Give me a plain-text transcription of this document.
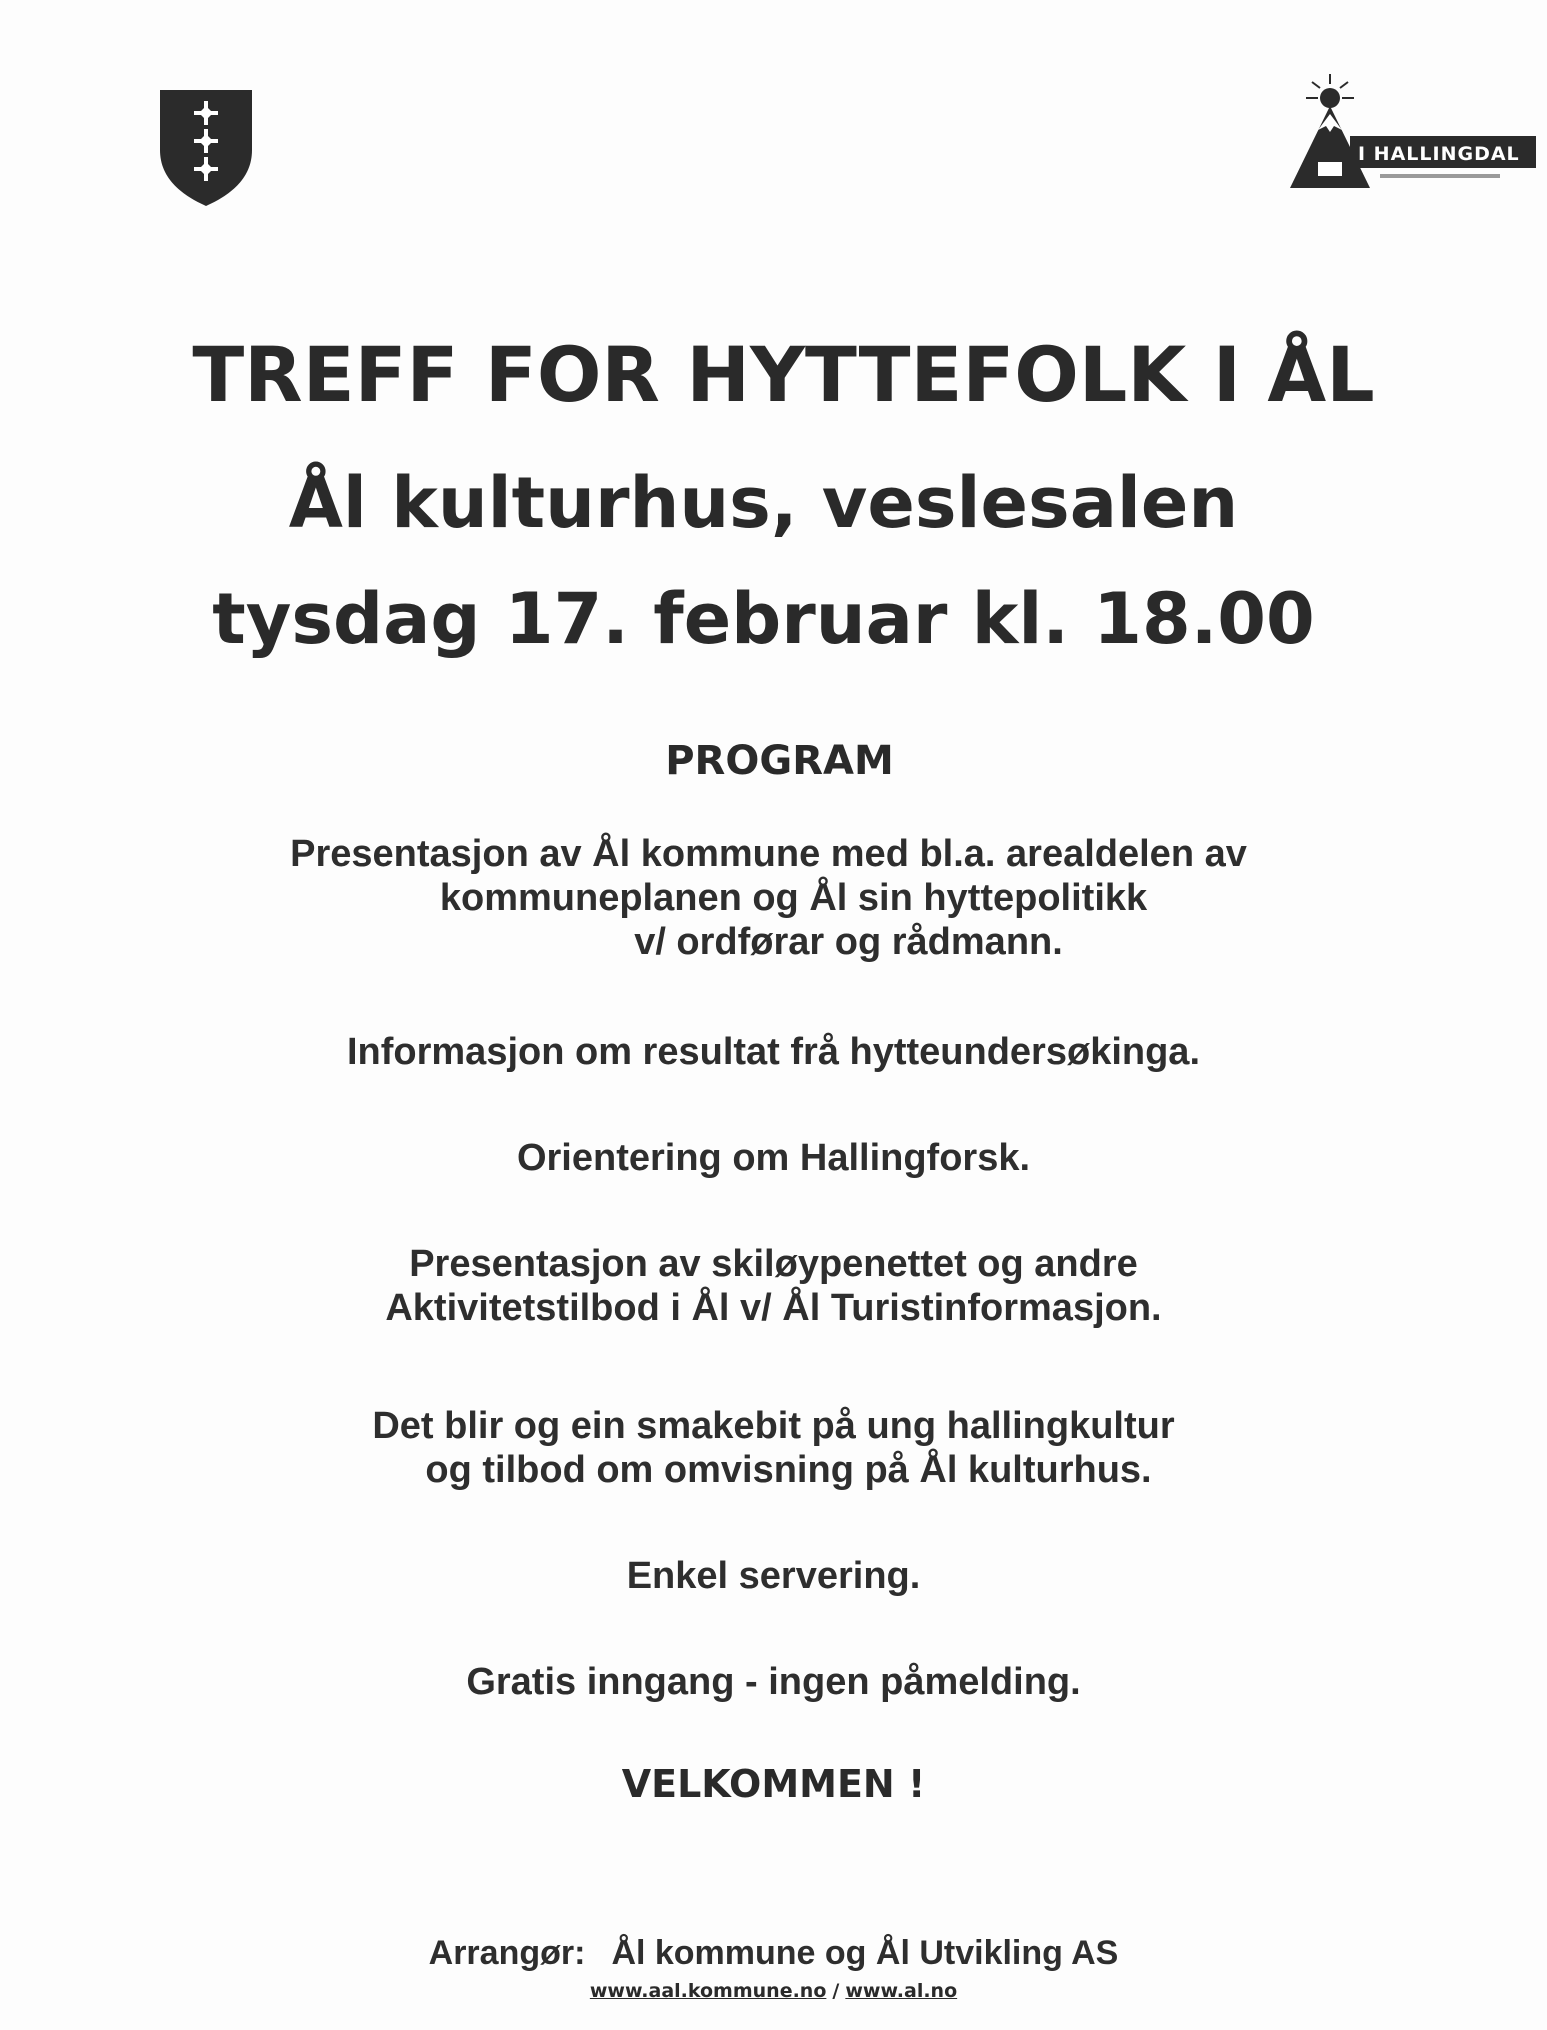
I HALLINGDAL
TREFF FOR HYTTEFOLK I ÅL
Ål kulturhus, veslesalen
tysdag 17. februar kl. 18.00
PROGRAM
Presentasjon av Ål kommune med bl.a. arealdelen av
kommuneplanen og Ål sin hyttepolitikk
v/ ordførar og rådmann.
Informasjon om resultat frå hytteundersøkinga.
Orientering om Hallingforsk.
Presentasjon av skiløypenettet og andre
Aktivitetstilbod i Ål v/ Ål Turistinformasjon.
Det blir og ein smakebit på ung hallingkultur
og tilbod om omvisning på Ål kulturhus.
Enkel servering.
Gratis inngang - ingen påmelding.
VELKOMMEN !
Arrangør: Ål kommune og Ål Utvikling AS
www.aal.kommune.no / www.al.no
